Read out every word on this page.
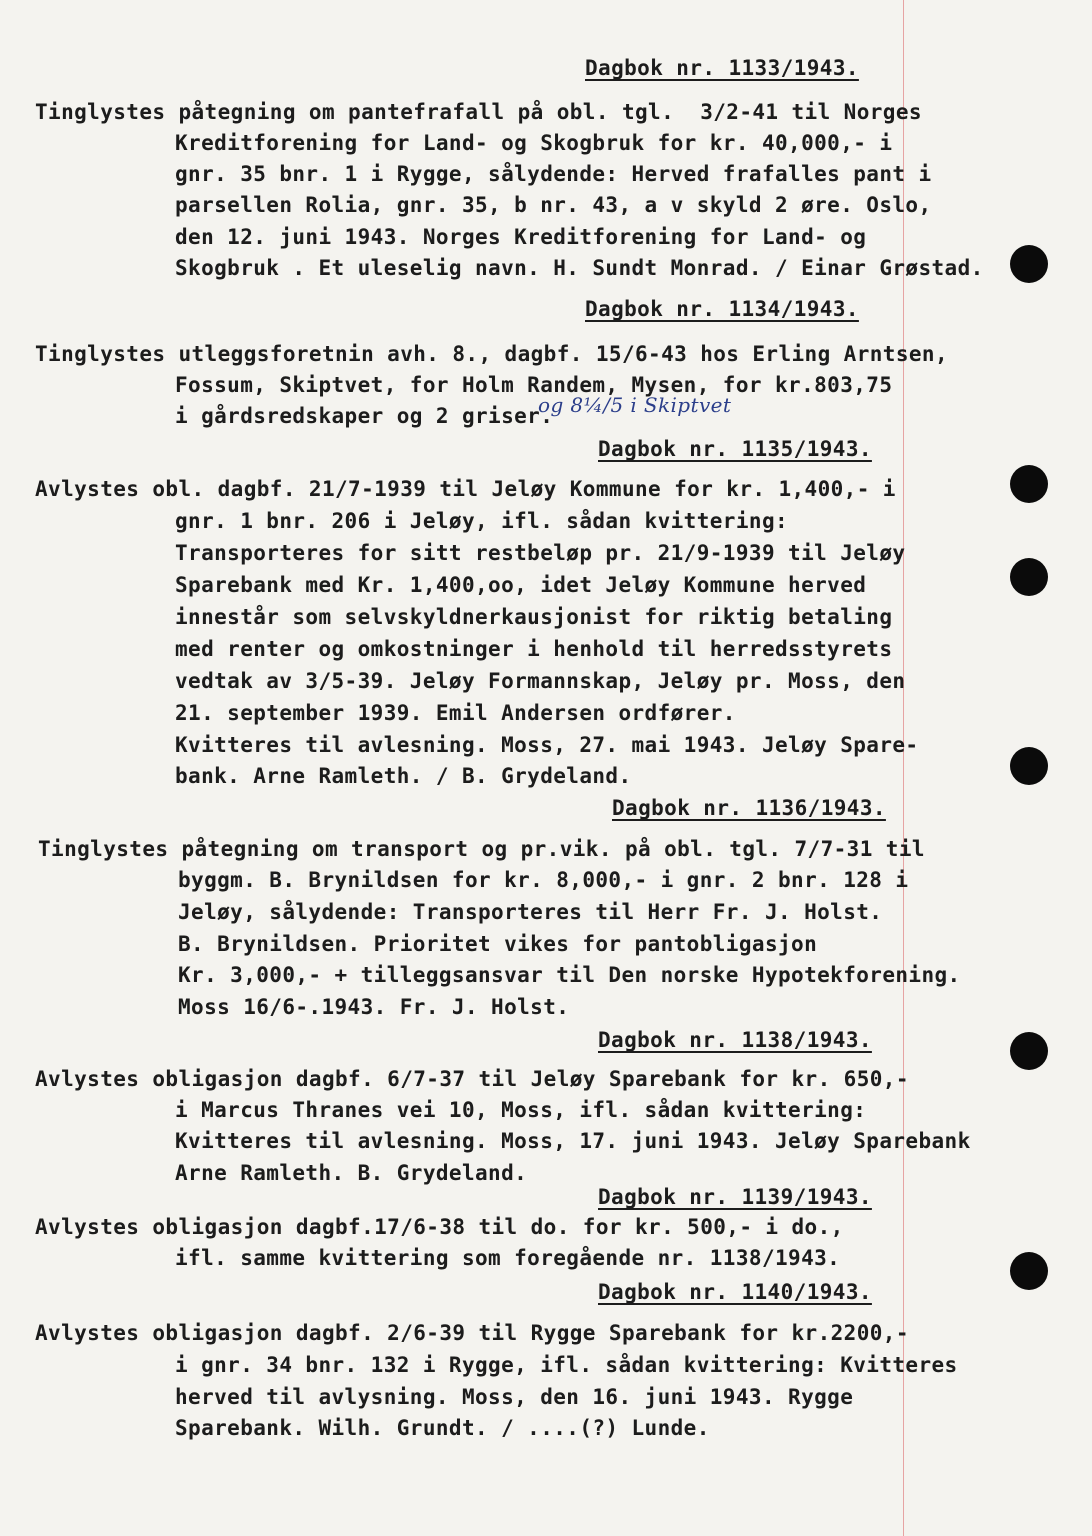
Dagbok nr. 1133/1943.
Tinglystes påtegning om pantefrafall på obl. tgl.  3/2-41 til Norges
Kreditforening for Land- og Skogbruk for kr. 40,000,- i
gnr. 35 bnr. 1 i Rygge, sålydende: Herved frafalles pant i
parsellen Rolia, gnr. 35, b nr. 43, a v skyld 2 øre. Oslo,
den 12. juni 1943. Norges Kreditforening for Land- og
Skogbruk . Et uleselig navn. H. Sundt Monrad. / Einar Grøstad.
Dagbok nr. 1134/1943.
Tinglystes utleggsforetnin avh. 8., dagbf. 15/6-43 hos Erling Arntsen,
Fossum, Skiptvet, for Holm Randem, Mysen, for kr.803,75
i gårdsredskaper og 2 griser.
og 8¼/5 i Skiptvet
Dagbok nr. 1135/1943.
Avlystes obl. dagbf. 21/7-1939 til Jeløy Kommune for kr. 1,400,- i
gnr. 1 bnr. 206 i Jeløy, ifl. sådan kvittering:
Transporteres for sitt restbeløp pr. 21/9-1939 til Jeløy
Sparebank med Kr. 1,400,oo, idet Jeløy Kommune herved
innestår som selvskyldnerkausjonist for riktig betaling
med renter og omkostninger i henhold til herredsstyrets
vedtak av 3/5-39. Jeløy Formannskap, Jeløy pr. Moss, den
21. september 1939. Emil Andersen ordfører.
Kvitteres til avlesning. Moss, 27. mai 1943. Jeløy Spare-
bank. Arne Ramleth. / B. Grydeland.
Dagbok nr. 1136/1943.
Tinglystes påtegning om transport og pr.vik. på obl. tgl. 7/7-31 til
byggm. B. Brynildsen for kr. 8,000,- i gnr. 2 bnr. 128 i
Jeløy, sålydende: Transporteres til Herr Fr. J. Holst.
B. Brynildsen. Prioritet vikes for pantobligasjon
Kr. 3,000,- + tilleggsansvar til Den norske Hypotekforening.
Moss 16/6-.1943. Fr. J. Holst.
Dagbok nr. 1138/1943.
Avlystes obligasjon dagbf. 6/7-37 til Jeløy Sparebank for kr. 650,-
i Marcus Thranes vei 10, Moss, ifl. sådan kvittering:
Kvitteres til avlesning. Moss, 17. juni 1943. Jeløy Sparebank
Arne Ramleth. B. Grydeland.
Dagbok nr. 1139/1943.
Avlystes obligasjon dagbf.17/6-38 til do. for kr. 500,- i do.,
ifl. samme kvittering som foregående nr. 1138/1943.
Dagbok nr. 1140/1943.
Avlystes obligasjon dagbf. 2/6-39 til Rygge Sparebank for kr.2200,-
i gnr. 34 bnr. 132 i Rygge, ifl. sådan kvittering: Kvitteres
herved til avlysning. Moss, den 16. juni 1943. Rygge
Sparebank. Wilh. Grundt. / ....(?) Lunde.
